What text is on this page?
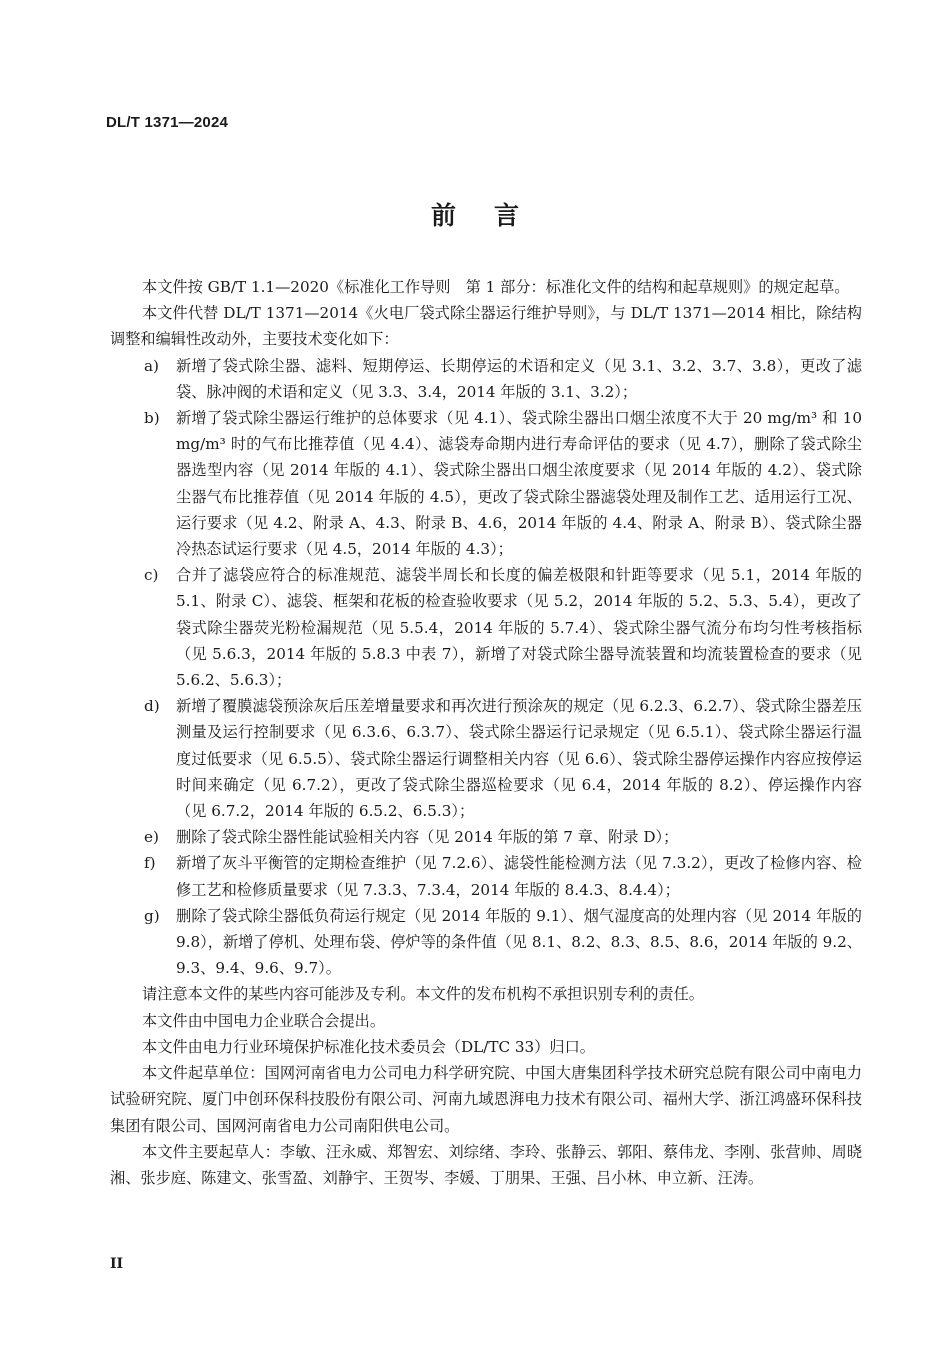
DL/T 1371—2024
前言

本文件按 GB/T 1.1—2020《标准化工作导则　第 1 部分：标准化文件的结构和起草规则》的规定起草。

本文件代替 DL/T 1371—2014《火电厂袋式除尘器运行维护导则》，与 DL/T 1371—2014 相比，除结构调整和编辑性改动外，主要技术变化如下：

a)	新增了袋式除尘器、滤料、短期停运、长期停运的术语和定义（见 3.1、3.2、3.7、3.8），更改了滤袋、脉冲阀的术语和定义（见 3.3、3.4，2014 年版的 3.1、3.2）；
b)	新增了袋式除尘器运行维护的总体要求（见 4.1）、袋式除尘器出口烟尘浓度不大于 20 mg/m³ 和 10 mg/m³ 时的气布比推荐值（见 4.4）、滤袋寿命期内进行寿命评估的要求（见 4.7），删除了袋式除尘器选型内容（见 2014 年版的 4.1）、袋式除尘器出口烟尘浓度要求（见 2014 年版的 4.2）、袋式除尘器气布比推荐值（见 2014 年版的 4.5），更改了袋式除尘器滤袋处理及制作工艺、适用运行工况、运行要求（见 4.2、附录 A、4.3、附录 B、4.6，2014 年版的 4.4、附录 A、附录 B）、袋式除尘器冷热态试运行要求（见 4.5，2014 年版的 4.3）；
c)	合并了滤袋应符合的标准规范、滤袋半周长和长度的偏差极限和针距等要求（见 5.1，2014 年版的 5.1、附录 C）、滤袋、框架和花板的检查验收要求（见 5.2，2014 年版的 5.2、5.3、5.4），更改了袋式除尘器荧光粉检漏规范（见 5.5.4，2014 年版的 5.7.4）、袋式除尘器气流分布均匀性考核指标（见 5.6.3，2014 年版的 5.8.3 中表 7），新增了对袋式除尘器导流装置和均流装置检查的要求（见 5.6.2、5.6.3）；
d)	新增了覆膜滤袋预涂灰后压差增量要求和再次进行预涂灰的规定（见 6.2.3、6.2.7）、袋式除尘器差压测量及运行控制要求（见 6.3.6、6.3.7）、袋式除尘器运行记录规定（见 6.5.1）、袋式除尘器运行温度过低要求（见 6.5.5）、袋式除尘器运行调整相关内容（见 6.6）、袋式除尘器停运操作内容应按停运时间来确定（见 6.7.2），更改了袋式除尘器巡检要求（见 6.4，2014 年版的 8.2）、停运操作内容（见 6.7.2，2014 年版的 6.5.2、6.5.3）；
e)	删除了袋式除尘器性能试验相关内容（见 2014 年版的第 7 章、附录 D）；
f)	新增了灰斗平衡管的定期检查维护（见 7.2.6）、滤袋性能检测方法（见 7.3.2），更改了检修内容、检修工艺和检修质量要求（见 7.3.3、7.3.4，2014 年版的 8.4.3、8.4.4）；
g)	删除了袋式除尘器低负荷运行规定（见 2014 年版的 9.1）、烟气湿度高的处理内容（见 2014 年版的 9.8），新增了停机、处理布袋、停炉等的条件值（见 8.1、8.2、8.3、8.5、8.6，2014 年版的 9.2、9.3、9.4、9.6、9.7）。

请注意本文件的某些内容可能涉及专利。本文件的发布机构不承担识别专利的责任。

本文件由中国电力企业联合会提出。

本文件由电力行业环境保护标准化技术委员会（DL/TC 33）归口。

本文件起草单位：国网河南省电力公司电力科学研究院、中国大唐集团科学技术研究总院有限公司中南电力试验研究院、厦门中创环保科技股份有限公司、河南九域恩湃电力技术有限公司、福州大学、浙江鸿盛环保科技集团有限公司、国网河南省电力公司南阳供电公司。

本文件主要起草人：李敏、汪永威、郑智宏、刘综绪、李玲、张静云、郭阳、蔡伟龙、李刚、张营帅、周晓湘、张步庭、陈建文、张雪盈、刘静宇、王贺岑、李媛、丁朋果、王强、吕小林、申立新、汪涛。

II
